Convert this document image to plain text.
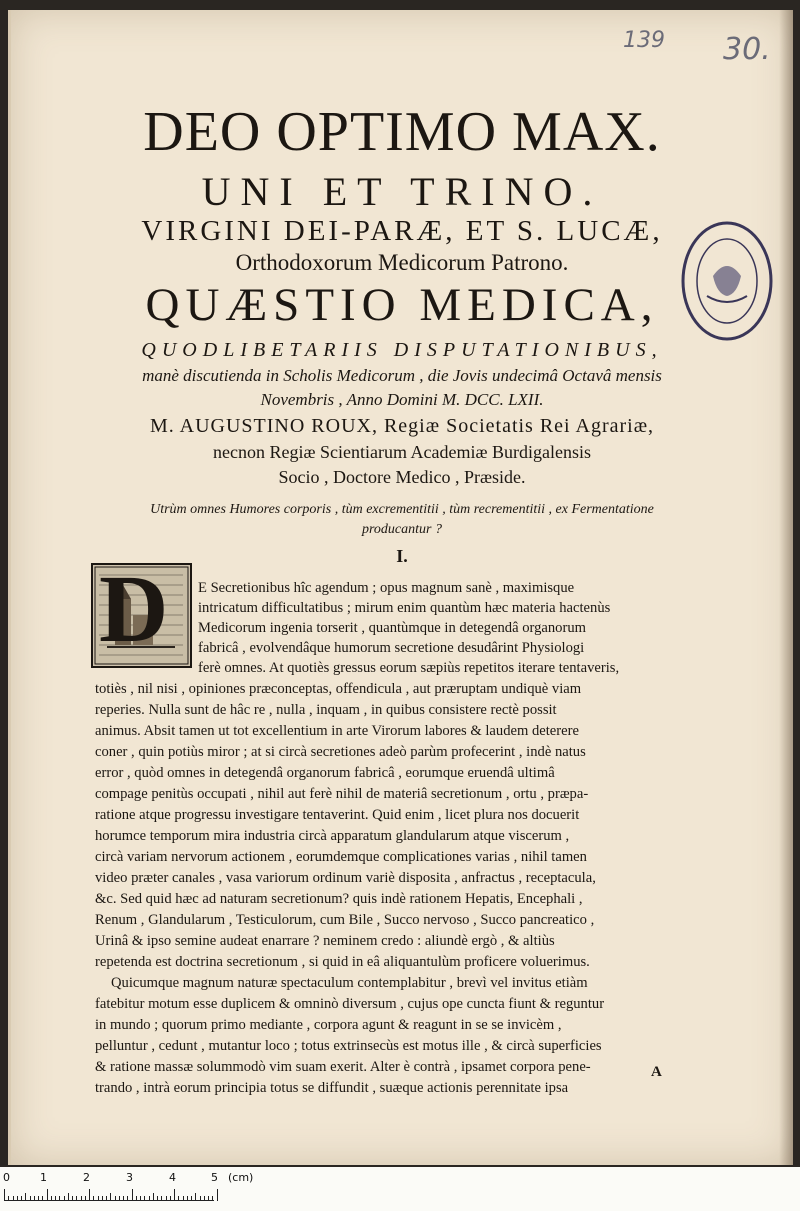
139 30.
DEO OPTIMO MAX.
UNI ET TRINO.
VIRGINI DEI-PARÆ, ET S. LUCÆ,
Orthodoxorum Medicorum Patrono.
QUÆSTIO MEDICA,
QUODLIBETARIIS DISPUTATIONIBUS,
manè discutienda in Scholis Medicorum , die Jovis undecimâ Octavâ mensis
Novembris , Anno Domini M. DCC. LXII.
M. AUGUSTINO ROUX, Regiæ Societatis Rei Agrariæ,
necnon Regiæ Scientiarum Academiæ Burdigalensis
Socio , Doctore Medico , Præside.
Utrùm omnes Humores corporis , tùm excrementitii , tùm recrementitii , ex Fermentatione
producantur ?
I.
D	E Secretionibus hîc agendum ; opus magnum sanè , maximisque
intricatum difficultatibus ; mirum enim quantùm hæc materia hactenùs
Medicorum ingenia torserit , quantùmque in detegendâ organorum
fabricâ , evolvendâque humorum secretione desudârint Physiologi
ferè omnes. At quotiès gressus eorum sæpiùs repetitos iterare tentaveris,
totiès , nil nisi , opiniones præconceptas, offendicula , aut præruptam undiquè viam
reperies. Nulla sunt de hâc re , nulla , inquam , in quibus consistere rectè possit
animus. Absit tamen ut tot excellentium in arte Virorum labores & laudem deterere
coner , quin potiùs miror ; at si circà secretiones adeò parùm profecerint , indè natus
error , quòd omnes in detegendâ organorum fabricâ , eorumque eruendâ ultimâ
compage penitùs occupati , nihil aut ferè nihil de materiâ secretionum , ortu , præpa-
ratione atque progressu investigare tentaverint. Quid enim , licet plura nos docuerit
horumce temporum mira industria circà apparatum glandularum atque viscerum ,
circà variam nervorum actionem , eorumdemque complicationes varias , nihil tamen
video præter canales , vasa variorum ordinum variè disposita , anfractus , receptacula,
&c. Sed quid hæc ad naturam secretionum? quis indè rationem Hepatis, Encephali ,
Renum , Glandularum , Testiculorum, cum Bile , Succo nervoso , Succo pancreatico ,
Urinâ & ipso semine audeat enarrare ? neminem credo : aliundè ergò , & altiùs
repetenda est doctrina secretionum , si quid in eâ aliquantulùm proficere voluerimus.
Quicumque magnum naturæ spectaculum contemplabitur , brevì vel invitus etiàm
fatebitur motum esse duplicem & omninò diversum , cujus ope cuncta fiunt & reguntur
in mundo ; quorum primo mediante , corpora agunt & reagunt in se se invicèm ,
pelluntur , cedunt , mutantur loco ; totus extrinsecùs est motus ille , & circà superficies
& ratione massæ solummodò vim suam exerit. Alter è contrà , ipsamet corpora pene-
trando , intrà eorum principia totus se diffundit , suæque actionis perennitate ipsa
A
0	1	2	3	4	5 (cm)
